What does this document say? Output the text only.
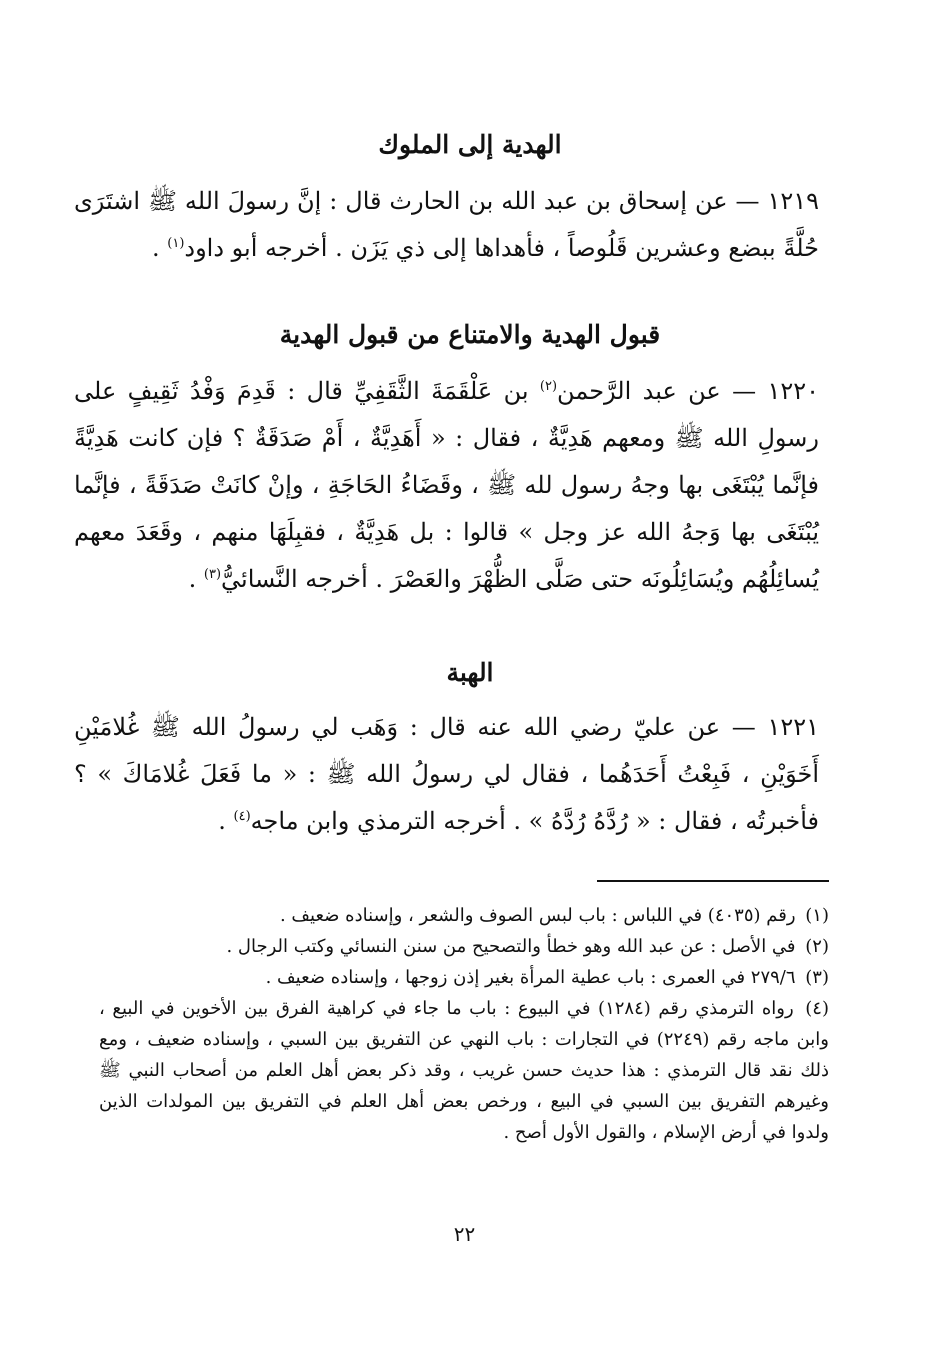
الهدية إلى الملوك
١٢١٩ — عن إسحاق بن عبد الله بن الحارث قال : إنَّ رسولَ الله ﷺ اشتَرَى حُلَّةً ببضع وعشرين قَلُوصاً ، فأهداها إلى ذي يَزَن . أخرجه أبو داود$^{(١)}$ .
قبول الهدية والامتناع من قبول الهدية
١٢٢٠ — عن عبد الرَّحمن$^{(٢)}$ بن عَلْقَمَةَ الثَّقَفِيِّ قال : قَدِمَ وَفْدُ ثَقِيفٍ على رسولِ الله ﷺ ومعهم هَدِيَّةٌ ، فقال : « أَهَدِيَّةٌ ، أَمْ صَدَقَةٌ ؟ فإن كانت هَدِيَّةً فإنَّما يُبْتَغَى بها وجهُ رسول لله ﷺ ، وقَضَاءُ الحَاجَةِ ، وإنْ كانَتْ صَدَقَةً ، فإنَّما يُبْتَغَى بها وَجهُ الله عز وجل » قالوا : بل هَدِيَّةٌ ، فقبِلَهَا منهم ، وقَعَدَ معهم يُسائِلُهُم ويُسَائِلُونَه حتى صَلَّى الظُّهْرَ والعَصْرَ . أخرجه النَّسائيُّ$^{(٣)}$ .
الهبة
١٢٢١ — عن عليّ رضي الله عنه قال : وَهَب لي رسولُ الله ﷺ غُلامَيْنِ أَخَوَيْنِ ، فَبِعْتُ أَحَدَهُما ، فقال لي رسولُ الله ﷺ : « ما فَعَلَ غُلامَاكَ » ؟ فأخبرتُه ، فقال : « رُدَّهُ رُدَّهُ » . أخرجه الترمذي وابن ماجه$^{(٤)}$ .

(١) رقم (٤٠٣٥) في اللباس : باب لبس الصوف والشعر ، وإسناده ضعيف .

(٢) في الأصل : عن عبد الله وهو خطأ والتصحيح من سنن النسائي وكتب الرجال .

(٣) ٢٧٩/٦ في العمرى : باب عطية المرأة بغير إذن زوجها ، وإسناده ضعيف .

(٤) رواه الترمذي رقم (١٢٨٤) في البيوع : باب ما جاء في كراهية الفرق بين الأخوين في البيع ، وابن ماجه رقم (٢٢٤٩) في التجارات : باب النهي عن التفريق بين السبي ، وإسناده ضعيف ، ومع ذلك نقد قال الترمذي : هذا حديث حسن غريب ، وقد ذكر بعض أهل العلم من أصحاب النبي ﷺ وغيرهم التفريق بين السبي في البيع ، ورخص بعض أهل العلم في التفريق بين المولدات الذين ولدوا في أرض الإسلام ، والقول الأول أصح .

٢٢
